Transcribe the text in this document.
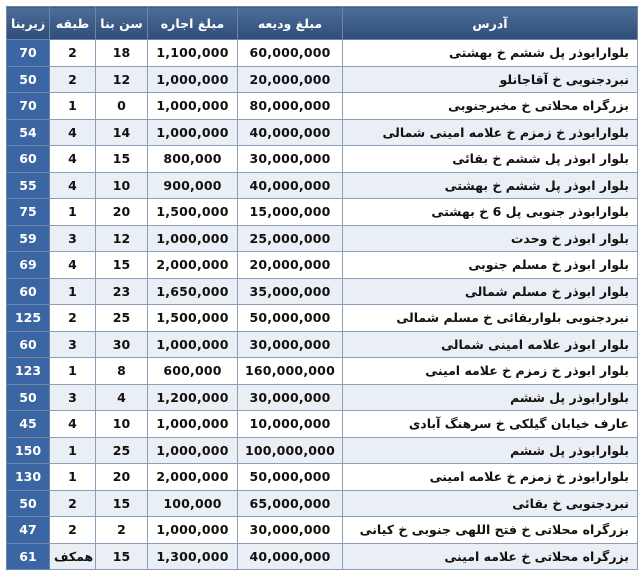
زیربنا	طبقه	سن بنا	مبلغ اجاره	مبلغ ودیعه	آدرس
70	2	18	1,100,000	60,000,000	بلوارابوذر پل ششم خ بهشتی
50	2	12	1,000,000	20,000,000	نبردجنوبی خ آقاجانلو
70	1	0	1,000,000	80,000,000	بزرگراه محلاتی خ مخبرجنوبی
54	4	14	1,000,000	40,000,000	بلوارابوذر خ زمزم خ علامه امینی شمالی
60	4	15	800,000	30,000,000	بلوار ابوذر پل ششم خ بقائی
55	4	10	900,000	40,000,000	بلوار ابوذر پل ششم خ بهشتی
75	1	20	1,500,000	15,000,000	بلوارابوذر جنوبی پل 6 خ بهشتی
59	3	12	1,000,000	25,000,000	بلوار ابوذر خ وحدت
69	4	15	2,000,000	20,000,000	بلوار ابوذر خ مسلم جنوبی
60	1	23	1,650,000	35,000,000	بلوار ابوذر خ مسلم شمالی
125	2	25	1,500,000	50,000,000	نبردجنوبی بلواربقائی خ مسلم شمالی
60	3	30	1,000,000	30,000,000	بلوار ابوذر علامه امینی شمالی
123	1	8	600,000	160,000,000	بلوار ابوذر خ زمزم خ علامه امینی
50	3	4	1,200,000	30,000,000	بلوارابوذر پل ششم
45	4	10	1,000,000	10,000,000	عارف خیابان گیلکی خ سرهنگ آبادی
150	1	25	1,000,000	100,000,000	بلوارابوذر پل ششم
130	1	20	2,000,000	50,000,000	بلوارابوذر خ زمزم خ علامه امینی
50	2	15	100,000	65,000,000	نبردجنوبی خ بقائی
47	2	2	1,000,000	30,000,000	بزرگراه محلاتی خ فتح اللهی جنوبی خ کیانی
61	همکف	15	1,300,000	40,000,000	بزرگراه محلاتی خ علامه امینی
